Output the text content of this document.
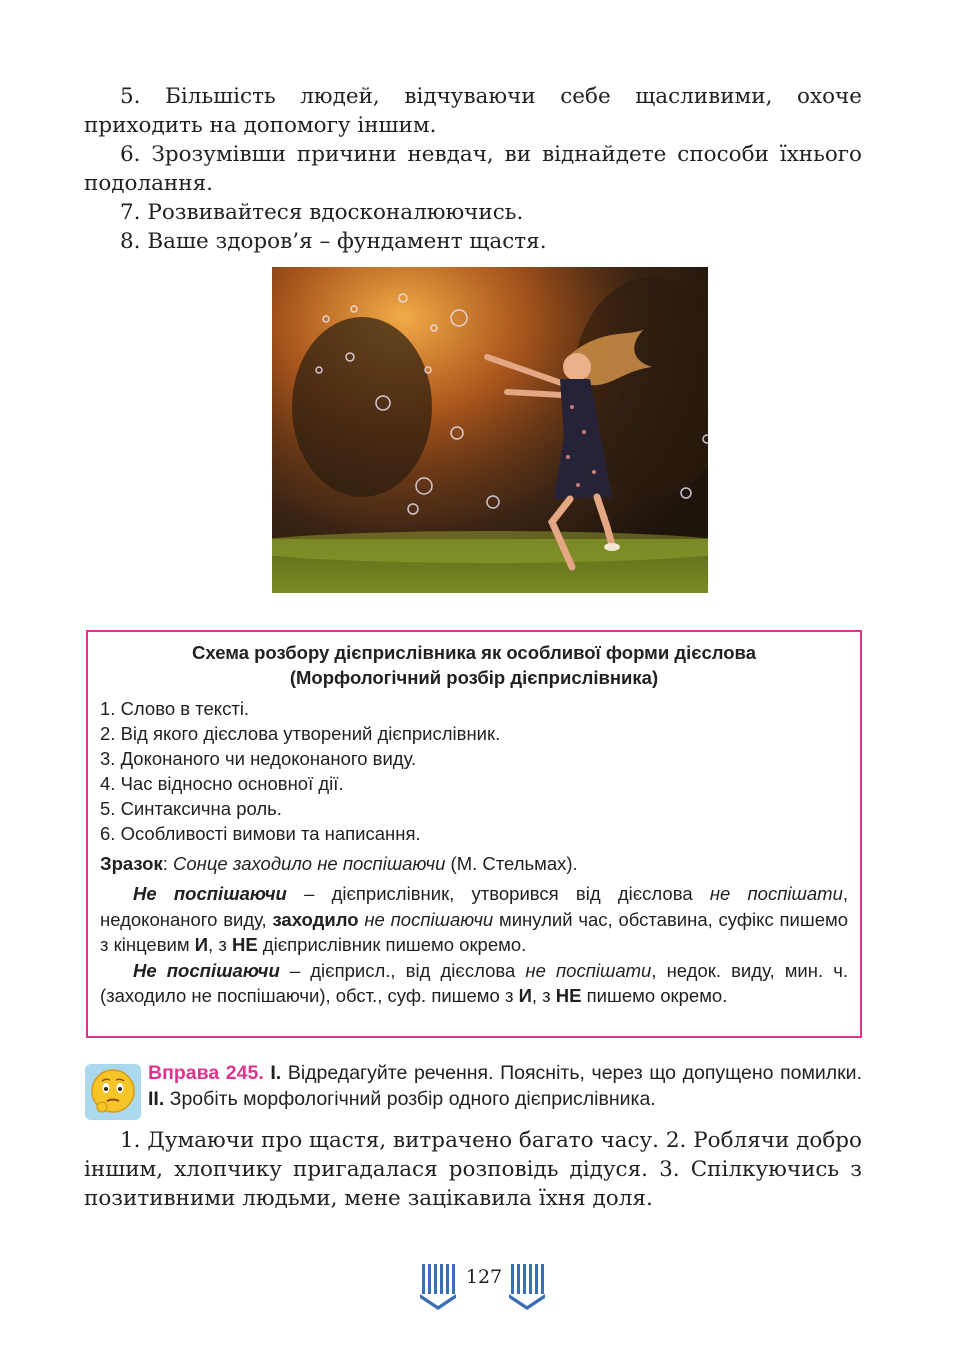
5. Більшість людей, відчуваючи себе щасливими, охоче приходить на допомогу іншим.

6. Зрозумівши причини невдач, ви віднайдете способи їхнього подолання.

7. Розвивайтеся вдосконалюючись.

8. Ваше здоров’я – фундамент щастя.

Схема розбору дієприслівника як особливої форми дієслова

(Морфологічний розбір дієприслівника)

1. Слово в тексті.
2. Від якого дієслова утворений дієприслівник.
3. Доконаного чи недоконаного виду.
4. Час відносно основної дії.
5. Синтаксична роль.
6. Особливості вимови та написання.

Зразок: Сонце заходило не поспішаючи (М. Стельмах).

Не поспішаючи – дієприслівник, утворився від дієслова не поспішати, недоконаного виду, заходило не поспішаючи минулий час, обставина, суфікс пишемо з кінцевим И, з НЕ дієприслівник пишемо окремо.

Не поспішаючи – дієприсл., від дієслова не поспішати, недок. виду, мин. ч. (заходило не поспішаючи), обст., суф. пишемо з И, з НЕ пишемо окремо.

Вправа 245. I. Відредагуйте речення. Поясніть, через що допущено помилки. II. Зробіть морфологічний розбір одного дієприслівника.

1. Думаючи про щастя, витрачено багато часу. 2. Роблячи добро іншим, хлопчику пригадалася розповідь дідуся. 3. Спілкуючись з позитивними людьми, мене зацікавила їхня доля.

127
